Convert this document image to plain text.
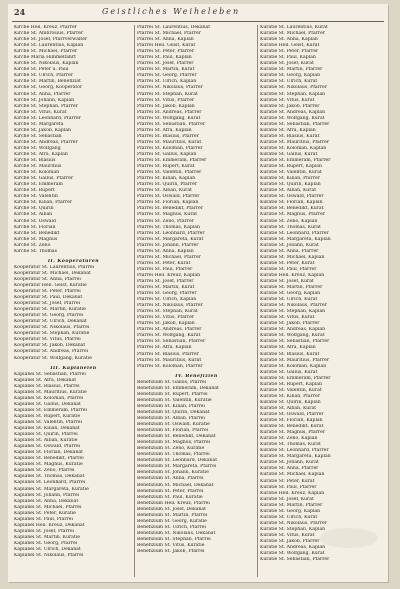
24	Geistliches Weiheleben
Kirche Heil. Kreuz, Pfarrer
Kirche St. Ambrosius, Pfarrer
Kirche St. Josef, Pfarrverwalter
Kirche St. Laurentius, Kaplan
Kirche St. Michael, Pfarrer
Kirche Maria Himmelfahrt
Kirche St. Nikolaus, Kaplan
Kirche St. Peter u. Paul
Kirche St. Ulrich, Pfarrer
Kirche St. Martin, Benefiziat
Kirche St. Georg, Kooperator
Kirche St. Anna, Pfarrer
Kirche St. Johann, Kaplan
Kirche St. Stephan, Pfarrer
Kirche St. Vitus, Kurat
Kirche St. Leonhard, Pfarrer
Kirche St. Margareta
Kirche St. Jakob, Kaplan
Kirche St. Sebastian
Kirche St. Andreas, Pfarrer
Kirche St. Wolfgang
Kirche St. Afra, Kaplan
Kirche St. Blasius
Kirche St. Mauritius
Kirche St. Koloman
Kirche St. Gallus, Pfarrer
Kirche St. Emmeram
Kirche St. Rupert
Kirche St. Valentin
Kirche St. Kilian, Pfarrer
Kirche St. Quirin
Kirche St. Alban
Kirche St. Oswald
Kirche St. Florian
Kirche St. Benedikt
Kirche St. Magnus
Kirche St. Zeno
Kirche St. Thomas
II. Kooperaturen
Kooperatur St. Laurentius, Pfarrei
Kooperatur St. Michael, Dekanat
Kooperatur St. Anna, Pfarrei
Kooperatur Heil. Geist, Kuratie
Kooperatur St. Peter, Pfarrei
Kooperatur St. Paul, Dekanat
Kooperatur St. Josef, Pfarrei
Kooperatur St. Martin, Kuratie
Kooperatur St. Georg, Pfarrei
Kooperatur St. Ulrich, Dekanat
Kooperatur St. Nikolaus, Pfarrei
Kooperatur St. Stephan, Kuratie
Kooperatur St. Vitus, Pfarrei
Kooperatur St. Jakob, Dekanat
Kooperatur St. Andreas, Pfarrei
Kooperatur St. Wolfgang, Kuratie
III. Kaplaneien
Kaplanei St. Sebastian, Pfarrei
Kaplanei St. Afra, Dekanat
Kaplanei St. Blasius, Pfarrei
Kaplanei St. Mauritius, Kuratie
Kaplanei St. Koloman, Pfarrei
Kaplanei St. Gallus, Dekanat
Kaplanei St. Emmeram, Pfarrei
Kaplanei St. Rupert, Kuratie
Kaplanei St. Valentin, Pfarrei
Kaplanei St. Kilian, Dekanat
Kaplanei St. Quirin, Pfarrei
Kaplanei St. Alban, Kuratie
Kaplanei St. Oswald, Pfarrei
Kaplanei St. Florian, Dekanat
Kaplanei St. Benedikt, Pfarrei
Kaplanei St. Magnus, Kuratie
Kaplanei St. Zeno, Pfarrei
Kaplanei St. Thomas, Dekanat
Kaplanei St. Leonhard, Pfarrei
Kaplanei St. Margareta, Kuratie
Kaplanei St. Johann, Pfarrei
Kaplanei St. Anna, Dekanat
Kaplanei St. Michael, Pfarrei
Kaplanei St. Peter, Kuratie
Kaplanei St. Paul, Pfarrei
Kaplanei Heil. Kreuz, Dekanat
Kaplanei St. Josef, Pfarrei
Kaplanei St. Martin, Kuratie
Kaplanei St. Georg, Pfarrei
Kaplanei St. Ulrich, Dekanat
Kaplanei St. Nikolaus, Pfarrei
Pfarrei St. Laurentius, Dekanat
Pfarrei St. Michael, Pfarrer
Pfarrei St. Anna, Kaplan
Pfarrei Heil. Geist, Kurat
Pfarrei St. Peter, Pfarrer
Pfarrei St. Paul, Kaplan
Pfarrei St. Josef, Pfarrer
Pfarrei St. Martin, Kurat
Pfarrei St. Georg, Pfarrer
Pfarrei St. Ulrich, Kaplan
Pfarrei St. Nikolaus, Pfarrer
Pfarrei St. Stephan, Kurat
Pfarrei St. Vitus, Pfarrer
Pfarrei St. Jakob, Kaplan
Pfarrei St. Andreas, Pfarrer
Pfarrei St. Wolfgang, Kurat
Pfarrei St. Sebastian, Pfarrer
Pfarrei St. Afra, Kaplan
Pfarrei St. Blasius, Pfarrer
Pfarrei St. Mauritius, Kurat
Pfarrei St. Koloman, Pfarrer
Pfarrei St. Gallus, Kaplan
Pfarrei St. Emmeram, Pfarrer
Pfarrei St. Rupert, Kurat
Pfarrei St. Valentin, Pfarrer
Pfarrei St. Kilian, Kaplan
Pfarrei St. Quirin, Pfarrer
Pfarrei St. Alban, Kurat
Pfarrei St. Oswald, Pfarrer
Pfarrei St. Florian, Kaplan
Pfarrei St. Benedikt, Pfarrer
Pfarrei St. Magnus, Kurat
Pfarrei St. Zeno, Pfarrer
Pfarrei St. Thomas, Kaplan
Pfarrei St. Leonhard, Pfarrer
Pfarrei St. Margareta, Kurat
Pfarrei St. Johann, Pfarrer
Pfarrei St. Anna, Kaplan
Pfarrei St. Michael, Pfarrer
Pfarrei St. Peter, Kurat
Pfarrei St. Paul, Pfarrer
Pfarrei Heil. Kreuz, Kaplan
Pfarrei St. Josef, Pfarrer
Pfarrei St. Martin, Kurat
Pfarrei St. Georg, Pfarrer
Pfarrei St. Ulrich, Kaplan
Pfarrei St. Nikolaus, Pfarrer
Pfarrei St. Stephan, Kurat
Pfarrei St. Vitus, Pfarrer
Pfarrei St. Jakob, Kaplan
Pfarrei St. Andreas, Pfarrer
Pfarrei St. Wolfgang, Kurat
Pfarrei St. Sebastian, Pfarrer
Pfarrei St. Afra, Kaplan
Pfarrei St. Blasius, Pfarrer
Pfarrei St. Mauritius, Kurat
Pfarrei St. Koloman, Pfarrer
IV. Benefizien
Benefizium St. Gallus, Pfarrei
Benefizium St. Emmeram, Dekanat
Benefizium St. Rupert, Pfarrei
Benefizium St. Valentin, Kuratie
Benefizium St. Kilian, Pfarrei
Benefizium St. Quirin, Dekanat
Benefizium St. Alban, Pfarrei
Benefizium St. Oswald, Kuratie
Benefizium St. Florian, Pfarrei
Benefizium St. Benedikt, Dekanat
Benefizium St. Magnus, Pfarrei
Benefizium St. Zeno, Kuratie
Benefizium St. Thomas, Pfarrei
Benefizium St. Leonhard, Dekanat
Benefizium St. Margareta, Pfarrei
Benefizium St. Johann, Kuratie
Benefizium St. Anna, Pfarrei
Benefizium St. Michael, Dekanat
Benefizium St. Peter, Pfarrei
Benefizium St. Paul, Kuratie
Benefizium Heil. Kreuz, Pfarrei
Benefizium St. Josef, Dekanat
Benefizium St. Martin, Pfarrei
Benefizium St. Georg, Kuratie
Benefizium St. Ulrich, Pfarrei
Benefizium St. Nikolaus, Dekanat
Benefizium St. Stephan, Pfarrei
Benefizium St. Vitus, Kuratie
Benefizium St. Jakob, Pfarrei
Kuratie St. Laurentius, Kurat
Kuratie St. Michael, Pfarrer
Kuratie St. Anna, Kaplan
Kuratie Heil. Geist, Kurat
Kuratie St. Peter, Pfarrer
Kuratie St. Paul, Kaplan
Kuratie St. Josef, Kurat
Kuratie St. Martin, Pfarrer
Kuratie St. Georg, Kaplan
Kuratie St. Ulrich, Kurat
Kuratie St. Nikolaus, Pfarrer
Kuratie St. Stephan, Kaplan
Kuratie St. Vitus, Kurat
Kuratie St. Jakob, Pfarrer
Kuratie St. Andreas, Kaplan
Kuratie St. Wolfgang, Kurat
Kuratie St. Sebastian, Pfarrer
Kuratie St. Afra, Kaplan
Kuratie St. Blasius, Kurat
Kuratie St. Mauritius, Pfarrer
Kuratie St. Koloman, Kaplan
Kuratie St. Gallus, Kurat
Kuratie St. Emmeram, Pfarrer
Kuratie St. Rupert, Kaplan
Kuratie St. Valentin, Kurat
Kuratie St. Kilian, Pfarrer
Kuratie St. Quirin, Kaplan
Kuratie St. Alban, Kurat
Kuratie St. Oswald, Pfarrer
Kuratie St. Florian, Kaplan
Kuratie St. Benedikt, Kurat
Kuratie St. Magnus, Pfarrer
Kuratie St. Zeno, Kaplan
Kuratie St. Thomas, Kurat
Kuratie St. Leonhard, Pfarrer
Kuratie St. Margareta, Kaplan
Kuratie St. Johann, Kurat
Kuratie St. Anna, Pfarrer
Kuratie St. Michael, Kaplan
Kuratie St. Peter, Kurat
Kuratie St. Paul, Pfarrer
Kuratie Heil. Kreuz, Kaplan
Kuratie St. Josef, Kurat
Kuratie St. Martin, Pfarrer
Kuratie St. Georg, Kaplan
Kuratie St. Ulrich, Kurat
Kuratie St. Nikolaus, Pfarrer
Kuratie St. Stephan, Kaplan
Kuratie St. Vitus, Kurat
Kuratie St. Jakob, Pfarrer
Kuratie St. Andreas, Kaplan
Kuratie St. Wolfgang, Kurat
Kuratie St. Sebastian, Pfarrer
Kuratie St. Afra, Kaplan
Kuratie St. Blasius, Kurat
Kuratie St. Mauritius, Pfarrer
Kuratie St. Koloman, Kaplan
Kuratie St. Gallus, Kurat
Kuratie St. Emmeram, Pfarrer
Kuratie St. Rupert, Kaplan
Kuratie St. Valentin, Kurat
Kuratie St. Kilian, Pfarrer
Kuratie St. Quirin, Kaplan
Kuratie St. Alban, Kurat
Kuratie St. Oswald, Pfarrer
Kuratie St. Florian, Kaplan
Kuratie St. Benedikt, Kurat
Kuratie St. Magnus, Pfarrer
Kuratie St. Zeno, Kaplan
Kuratie St. Thomas, Kurat
Kuratie St. Leonhard, Pfarrer
Kuratie St. Margareta, Kaplan
Kuratie St. Johann, Kurat
Kuratie St. Anna, Pfarrer
Kuratie St. Michael, Kaplan
Kuratie St. Peter, Kurat
Kuratie St. Paul, Pfarrer
Kuratie Heil. Kreuz, Kaplan
Kuratie St. Josef, Kurat
Kuratie St. Martin, Pfarrer
Kuratie St. Georg, Kaplan
Kuratie St. Ulrich, Kurat
Kuratie St. Nikolaus, Pfarrer
Kuratie St. Stephan, Kaplan
Kuratie St. Vitus, Kurat
Kuratie St. Jakob, Pfarrer
Kuratie St. Andreas, Kaplan
Kuratie St. Wolfgang, Kurat
Kuratie St. Sebastian, Pfarrer
